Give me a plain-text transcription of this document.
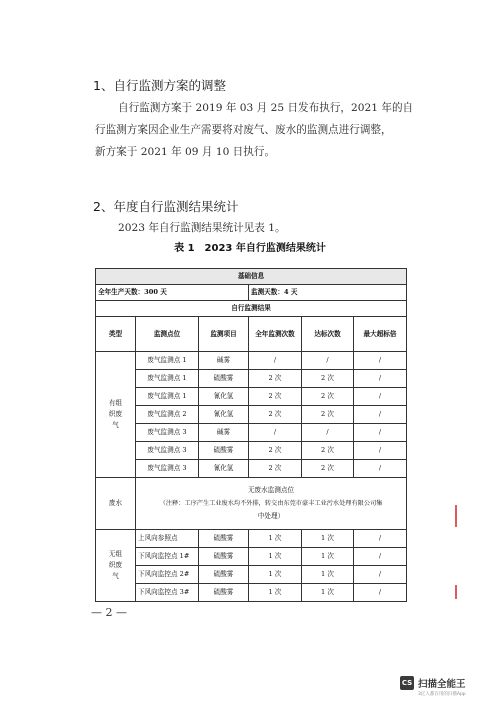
1、自行监测方案的调整
自行监测方案于 2019 年 03 月 25 日发布执行，2021 年的自
行监测方案因企业生产需要将对废气、废水的监测点进行调整，
新方案于 2021 年 09 月 10 日执行。
2、年度自行监测结果统计
2023 年自行监测结果统计见表 1。
表 1　2023 年自行监测结果统计
基础信息					
全年生产天数：300 天			监测天数：4 天		
自行监测结果					
类型	监测点位	监测项目	全年监测次数	达标次数	最大超标倍
有组织废气	废气监测点 1	碱雾	/	/	/
	废气监测点 1	硫酸雾	2 次	2 次	/
	废气监测点 1	氰化氢	2 次	2 次	/
	废气监测点 2	氰化氢	2 次	2 次	/
	废气监测点 3	碱雾	/	/	/
	废气监测点 3	硫酸雾	2 次	2 次	/
	废气监测点 3	氰化氢	2 次	2 次	/
废水	无废水监测点位
（注释：工序产生工业废水均不外排，转交由东莞市豪丰工业污水处理有限公司集
中处理）				

无组织废气	上风向参照点	硫酸雾	1 次	1 次	/
	下风向监控点 1#	硫酸雾	1 次	1 次	/
	下风向监控点 2#	硫酸雾	1 次	1 次	/
	下风向监控点 3#	硫酸雾	1 次	1 次	/
— 2 —
CS 扫描全能王
3亿人都在用的扫描App
